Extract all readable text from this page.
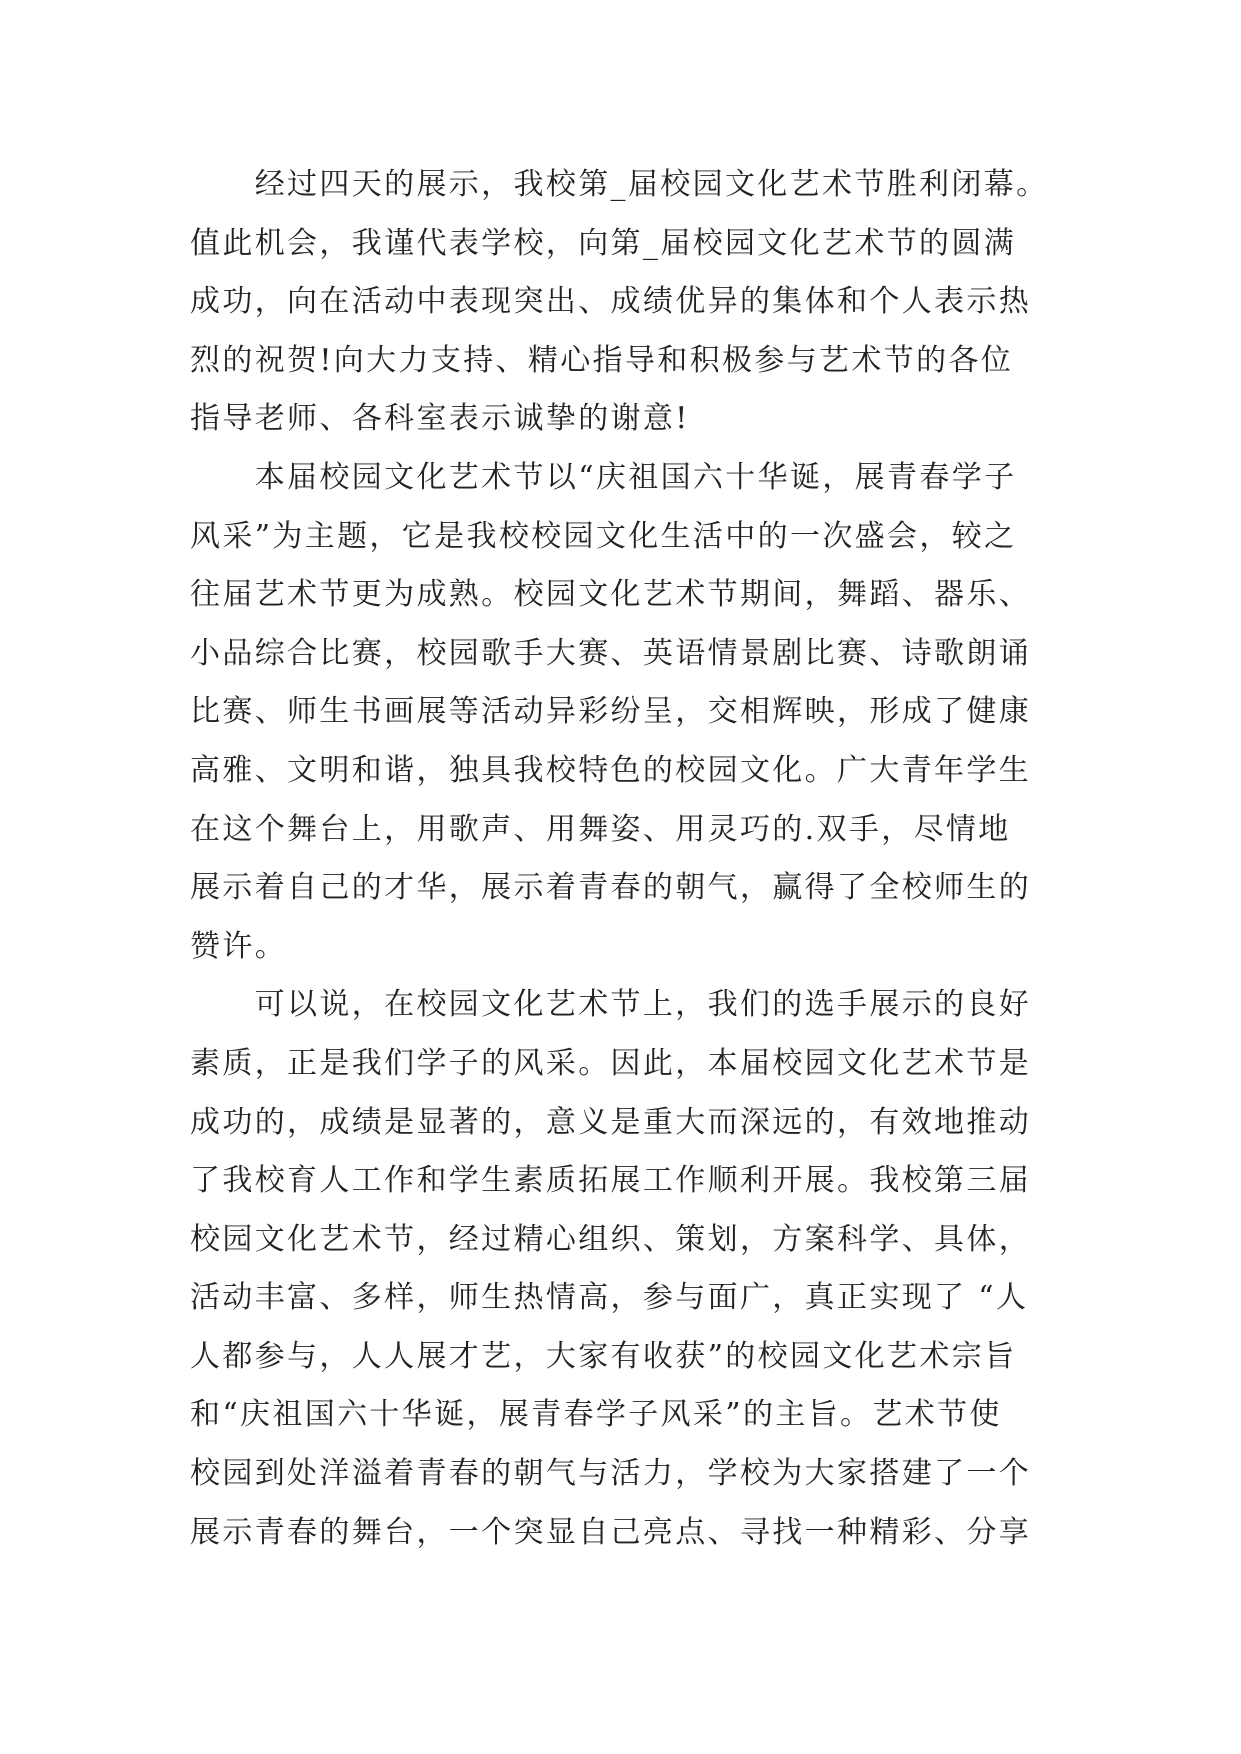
　　经过四天的展示，我校第_届校园文化艺术节胜利闭幕。
值此机会，我谨代表学校，向第_届校园文化艺术节的圆满
成功，向在活动中表现突出、成绩优异的集体和个人表示热
烈的祝贺!向大力支持、精心指导和积极参与艺术节的各位
指导老师、各科室表示诚挚的谢意!
　　本届校园文化艺术节以“庆祖国六十华诞，展青春学子
风采”为主题，它是我校校园文化生活中的一次盛会，较之
往届艺术节更为成熟。校园文化艺术节期间，舞蹈、器乐、
小品综合比赛，校园歌手大赛、英语情景剧比赛、诗歌朗诵
比赛、师生书画展等活动异彩纷呈，交相辉映，形成了健康
高雅、文明和谐，独具我校特色的校园文化。广大青年学生
在这个舞台上，用歌声、用舞姿、用灵巧的.双手，尽情地
展示着自己的才华，展示着青春的朝气，赢得了全校师生的
赞许。
　　可以说，在校园文化艺术节上，我们的选手展示的良好
素质，正是我们学子的风采。因此，本届校园文化艺术节是
成功的，成绩是显著的，意义是重大而深远的，有效地推动
了我校育人工作和学生素质拓展工作顺利开展。我校第三届
校园文化艺术节，经过精心组织、策划，方案科学、具体，
活动丰富、多样，师生热情高，参与面广，真正实现了 “人
人都参与，人人展才艺，大家有收获”的校园文化艺术宗旨
和“庆祖国六十华诞，展青春学子风采”的主旨。艺术节使
校园到处洋溢着青春的朝气与活力，学校为大家搭建了一个
展示青春的舞台，一个突显自己亮点、寻找一种精彩、分享
